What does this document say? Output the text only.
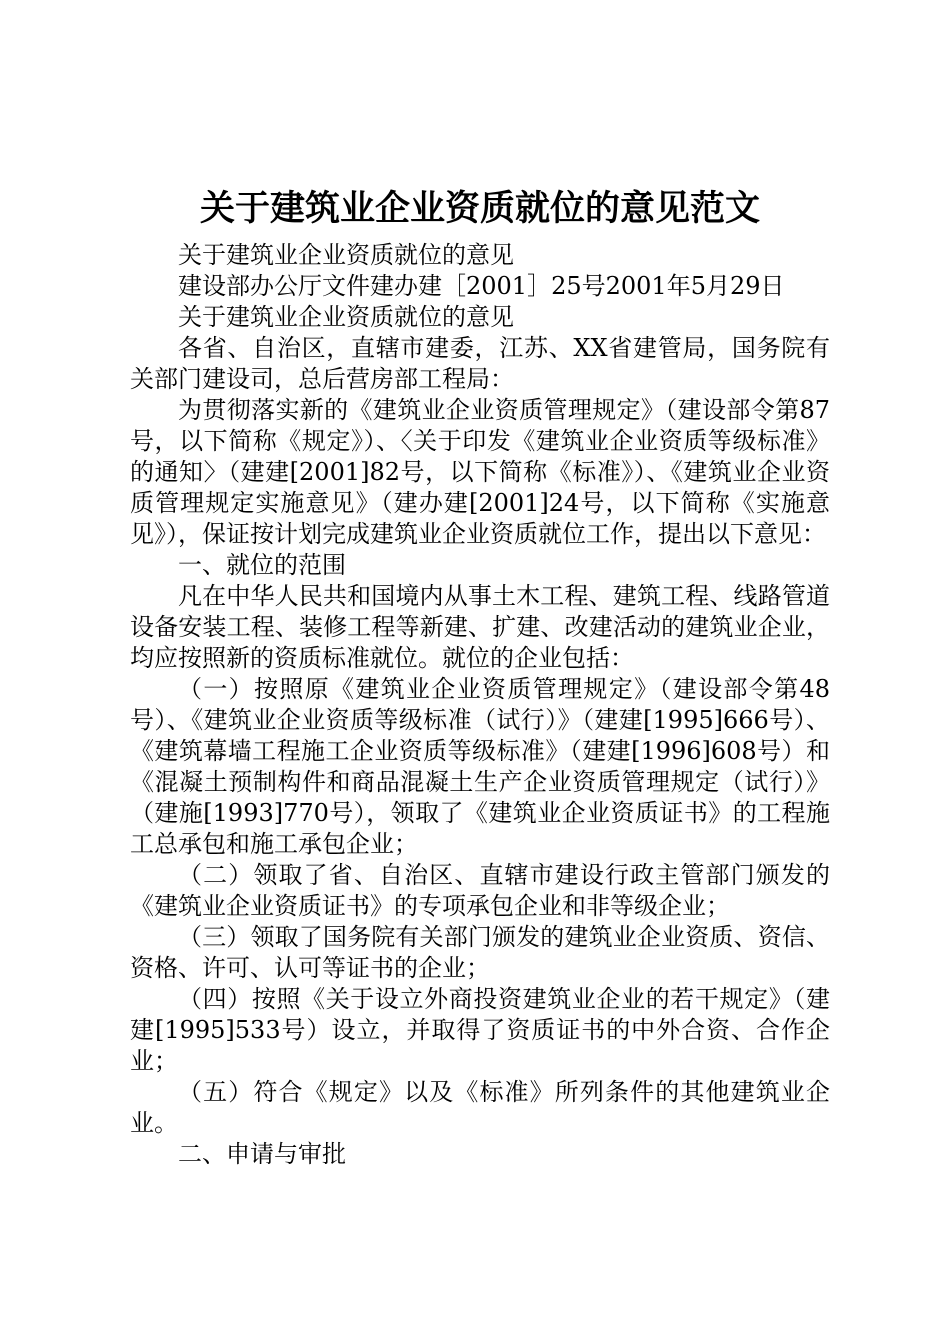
关于建筑业企业资质就位的意见范文

关于建筑业企业资质就位的意见

建设部办公厅文件建办建［2001］25号2001年5月29日

关于建筑业企业资质就位的意见

各省、自治区，直辖市建委，江苏、XX省建管局，国务院有关部门建设司，总后营房部工程局：

为贯彻落实新的《建筑业企业资质管理规定》（建设部令第87号，以下简称《规定》）、〈关于印发《建筑业企业资质等级标准》的通知〉（建建[2001]82号，以下简称《标准》）、《建筑业企业资质管理规定实施意见》（建办建[2001]24号，以下简称《实施意见》），保证按计划完成建筑业企业资质就位工作，提出以下意见：

一、就位的范围

凡在中华人民共和国境内从事土木工程、建筑工程、线路管道设备安装工程、装修工程等新建、扩建、改建活动的建筑业企业，均应按照新的资质标准就位。就位的企业包括：

（一）按照原《建筑业企业资质管理规定》（建设部令第48号）、《建筑业企业资质等级标准（试行）》（建建[1995]666号）、《建筑幕墙工程施工企业资质等级标准》（建建[1996]608号）和《混凝土预制构件和商品混凝土生产企业资质管理规定（试行）》（建施[1993]770号），领取了《建筑业企业资质证书》的工程施工总承包和施工承包企业；

（二）领取了省、自治区、直辖市建设行政主管部门颁发的《建筑业企业资质证书》的专项承包企业和非等级企业；

（三）领取了国务院有关部门颁发的建筑业企业资质、资信、资格、许可、认可等证书的企业；

（四）按照《关于设立外商投资建筑业企业的若干规定》（建建[1995]533号）设立，并取得了资质证书的中外合资、合作企业；

（五）符合《规定》以及《标准》所列条件的其他建筑业企业。

二、申请与审批
